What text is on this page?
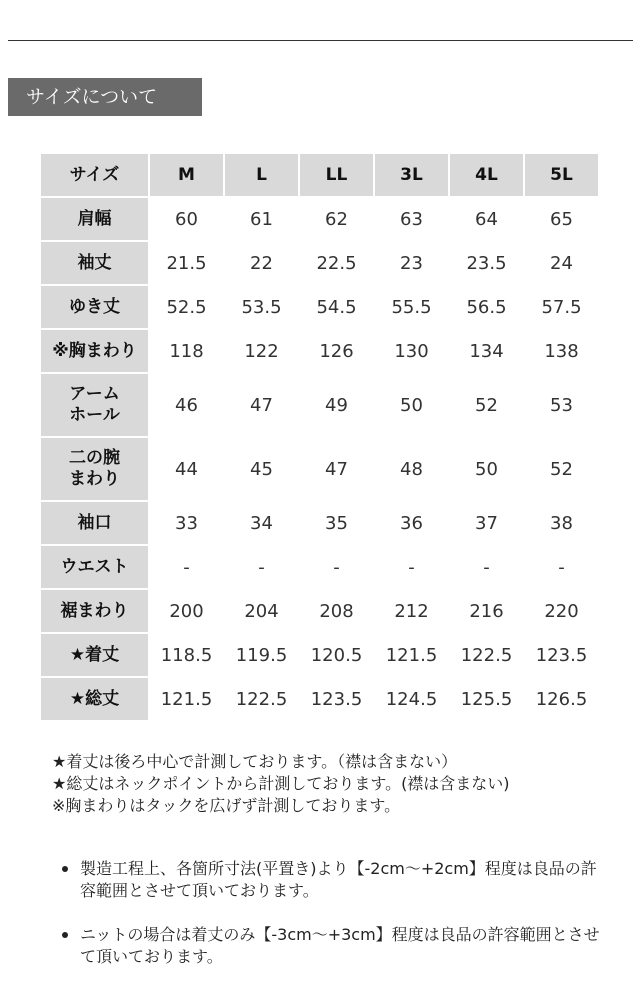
サイズについて
サイズ	M	L	LL	3L	4L	5L
肩幅	60	61	62	63	64	65
袖丈	21.5	22	22.5	23	23.5	24
ゆき丈	52.5	53.5	54.5	55.5	56.5	57.5
※胸まわり	118	122	126	130	134	138
アーム
ホール	46	47	49	50	52	53
二の腕
まわり	44	45	47	48	50	52
袖口	33	34	35	36	37	38
ウエスト	-	-	-	-	-	-
裾まわり	200	204	208	212	216	220
★着丈	118.5	119.5	120.5	121.5	122.5	123.5
★総丈	121.5	122.5	123.5	124.5	125.5	126.5

★着丈は後ろ中心で計測しております。（襟は含まない）

★総丈はネックポイントから計測しております。(襟は含まない)

※胸まわりはタックを広げず計測しております。

製造工程上、各箇所寸法(平置き)より【-2cm～+2cm】程度は良品の許容範囲とさせて頂いております。
ニットの場合は着丈のみ【-3cm～+3cm】程度は良品の許容範囲とさせて頂いております。
